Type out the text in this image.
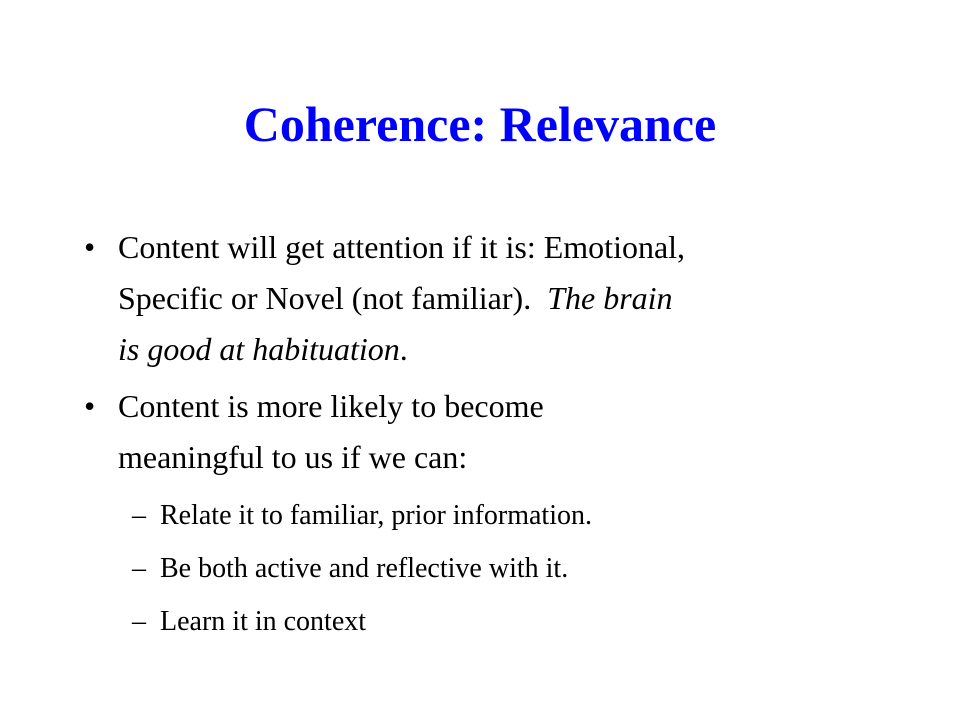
Coherence: Relevance
• Content will get attention if it is: Emotional,
Specific or Novel (not familiar).  The brain
is good at habituation.
• Content is more likely to become
meaningful to us if we can:
– Relate it to familiar, prior information.
– Be both active and reflective with it.
– Learn it in context
